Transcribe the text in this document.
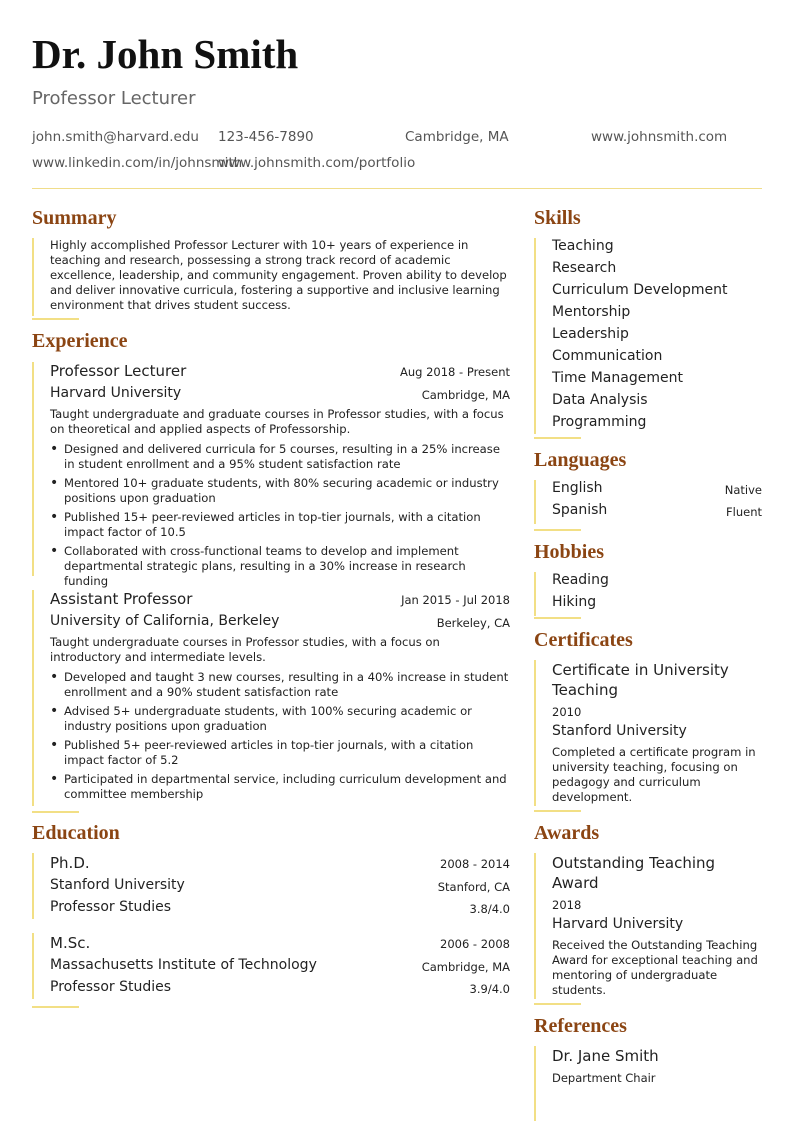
Dr. John Smith
Professor Lecturer
john.smith@harvard.edu 123-456-7890	Cambridge, MA	www.johnsmith.com
www.linkedin.com/in/johnsmith
www.johnsmith.com/portfolio
Summary
Highly accomplished Professor Lecturer with 10+ years of experience in teaching and research, possessing a strong track record of academic excellence, leadership, and community engagement. Proven ability to develop and deliver innovative curricula, fostering a supportive and inclusive learning environment that drives student success.
Experience
Professor Lecturer	Aug 2018 - Present
Harvard University	Cambridge, MA
Taught undergraduate and graduate courses in Professor studies, with a focus on theoretical and applied aspects of Professorship.
• Designed and delivered curricula for 5 courses, resulting in a 25% increase in student enrollment and a 95% student satisfaction rate
• Mentored 10+ graduate students, with 80% securing academic or industry positions upon graduation
• Published 15+ peer-reviewed articles in top-tier journals, with a citation impact factor of 10.5
• Collaborated with cross-functional teams to develop and implement departmental strategic plans, resulting in a 30% increase in research funding
Assistant Professor	Jan 2015 - Jul 2018
University of California, Berkeley	Berkeley, CA
Taught undergraduate courses in Professor studies, with a focus on introductory and intermediate levels.
• Developed and taught 3 new courses, resulting in a 40% increase in student enrollment and a 90% student satisfaction rate
• Advised 5+ undergraduate students, with 100% securing academic or industry positions upon graduation
• Published 5+ peer-reviewed articles in top-tier journals, with a citation impact factor of 5.2
• Participated in departmental service, including curriculum development and committee membership
Education
Ph.D.	2008 - 2014
Stanford University	Stanford, CA
Professor Studies	3.8/4.0
M.Sc.	2006 - 2008
Massachusetts Institute of Technology	Cambridge, MA
Professor Studies	3.9/4.0
Skills
Teaching
Research
Curriculum Development
Mentorship
Leadership
Communication
Time Management
Data Analysis
Programming
Languages
English	Native
Spanish	Fluent
Hobbies
Reading
Hiking
Certificates
Certificate in University
Teaching
2010
Stanford University
Completed a certificate program in university teaching, focusing on pedagogy and curriculum development.
Awards
Outstanding Teaching
Award
2018
Harvard University
Received the Outstanding Teaching Award for exceptional teaching and mentoring of undergraduate students.
References
Dr. Jane Smith
Department Chair
